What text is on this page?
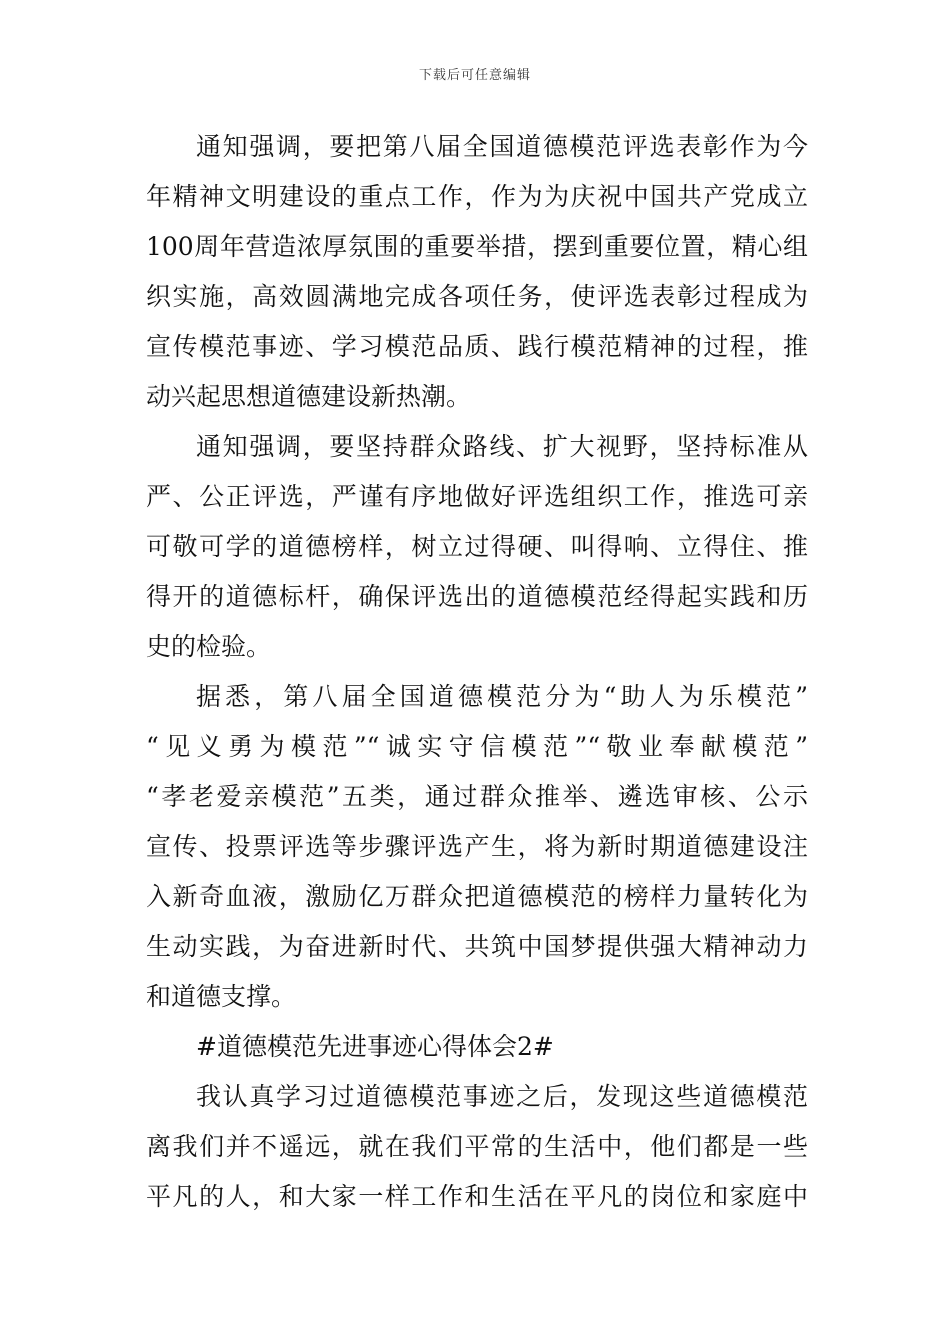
下载后可任意编辑
通知强调，要把第八届全国道德模范评选表彰作为今
年精神文明建设的重点工作，作为为庆祝中国共产党成立
100周年营造浓厚氛围的重要举措，摆到重要位置，精心组
织实施，高效圆满地完成各项任务，使评选表彰过程成为
宣传模范事迹、学习模范品质、践行模范精神的过程，推
动兴起思想道德建设新热潮。
通知强调，要坚持群众路线、扩大视野，坚持标准从
严、公正评选，严谨有序地做好评选组织工作，推选可亲
可敬可学的道德榜样，树立过得硬、叫得响、立得住、推
得开的道德标杆，确保评选出的道德模范经得起实践和历
史的检验。
据悉，第八届全国道德模范分为“助人为乐模范”
“见义勇为模范”“诚实守信模范”“敬业奉献模范”
“孝老爱亲模范”五类，通过群众推举、遴选审核、公示
宣传、投票评选等步骤评选产生，将为新时期道德建设注
入新奇血液，激励亿万群众把道德模范的榜样力量转化为
生动实践，为奋进新时代、共筑中国梦提供强大精神动力
和道德支撑。
#道德模范先进事迹心得体会2#
我认真学习过道德模范事迹之后，发现这些道德模范
离我们并不遥远，就在我们平常的生活中，他们都是一些
平凡的人，和大家一样工作和生活在平凡的岗位和家庭中
